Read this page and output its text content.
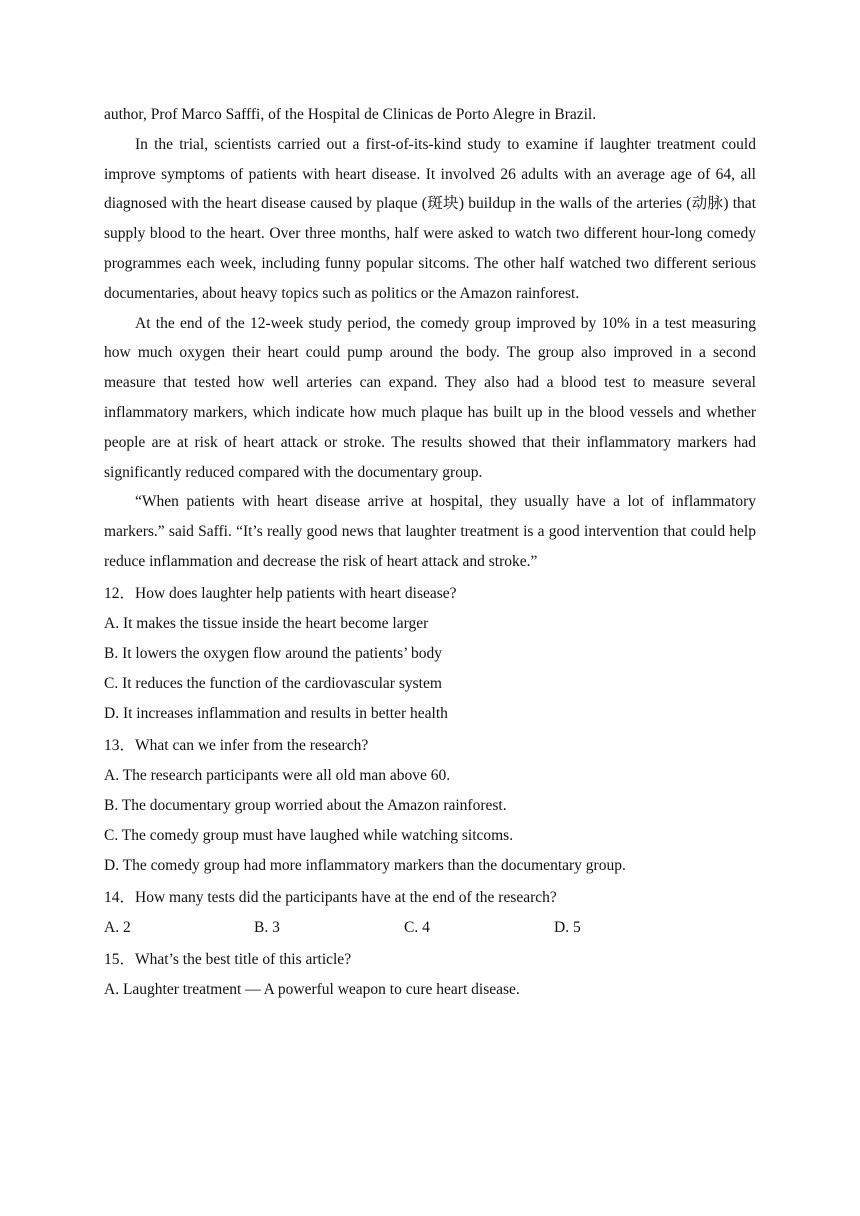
author, Prof Marco Safffi, of the Hospital de Clinicas de Porto Alegre in Brazil.

In the trial, scientists carried out a first-of-its-kind study to examine if laughter treatment could improve symptoms of patients with heart disease. It involved 26 adults with an average age of 64, all diagnosed with the heart disease caused by plaque (斑块) buildup in the walls of the arteries (动脉) that supply blood to the heart. Over three months, half were asked to watch two different hour-long comedy programmes each week, including funny popular sitcoms. The other half watched two different serious documentaries, about heavy topics such as politics or the Amazon rainforest.

At the end of the 12-week study period, the comedy group improved by 10% in a test measuring how much oxygen their heart could pump around the body. The group also improved in a second measure that tested how well arteries can expand. They also had a blood test to measure several inflammatory markers, which indicate how much plaque has built up in the blood vessels and whether people are at risk of heart attack or stroke. The results showed that their inflammatory markers had significantly reduced compared with the documentary group.

“When patients with heart disease arrive at hospital, they usually have a lot of inflammatory markers.” said Saffi. “It’s really good news that laughter treatment is a good intervention that could help reduce inflammation and decrease the risk of heart attack and stroke.”

12．How does laughter help patients with heart disease?

A. It makes the tissue inside the heart become larger

B. It lowers the oxygen flow around the patients’ body

C. It reduces the function of the cardiovascular system

D. It increases inflammation and results in better health

13．What can we infer from the research?

A. The research participants were all old man above 60.

B. The documentary group worried about the Amazon rainforest.

C. The comedy group must have laughed while watching sitcoms.

D. The comedy group had more inflammatory markers than the documentary group.

14．How many tests did the participants have at the end of the research?

A. 2	B. 3	C. 4	D. 5

15．What’s the best title of this article?

A. Laughter treatment — A powerful weapon to cure heart disease.
